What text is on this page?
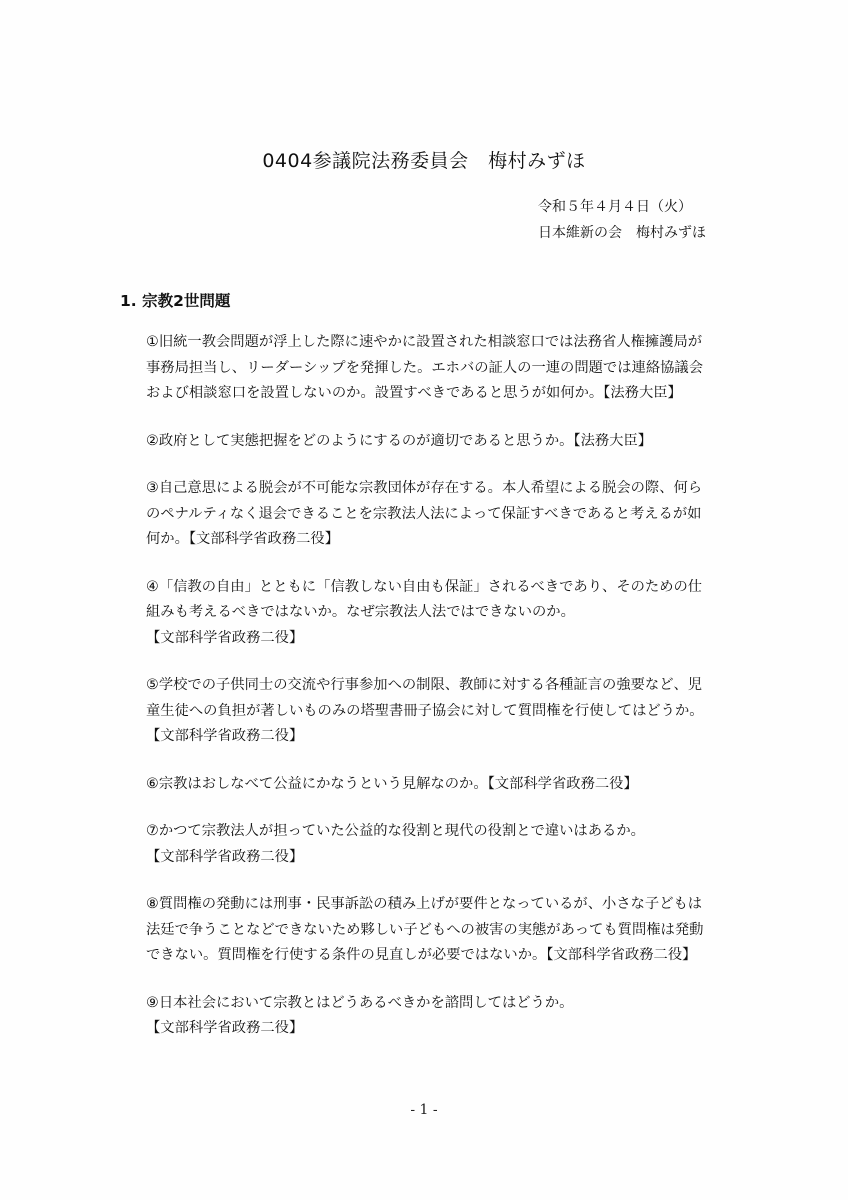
0404参議院法務委員会　梅村みずほ
令和５年４月４日（火）
日本維新の会　梅村みずほ
1. 宗教2世問題
①旧統一教会問題が浮上した際に速やかに設置された相談窓口では法務省人権擁護局が
事務局担当し、リーダーシップを発揮した。エホバの証人の一連の問題では連絡協議会
および相談窓口を設置しないのか。設置すべきであると思うが如何か。【法務大臣】
②政府として実態把握をどのようにするのが適切であると思うか。【法務大臣】
③自己意思による脱会が不可能な宗教団体が存在する。本人希望による脱会の際、何ら
のペナルティなく退会できることを宗教法人法によって保証すべきであると考えるが如
何か。【文部科学省政務二役】
④「信教の自由」とともに「信教しない自由も保証」されるべきであり、そのための仕
組みも考えるべきではないか。なぜ宗教法人法ではできないのか。
【文部科学省政務二役】
⑤学校での子供同士の交流や行事参加への制限、教師に対する各種証言の強要など、児
童生徒への負担が著しいものみの塔聖書冊子協会に対して質問権を行使してはどうか。
【文部科学省政務二役】
⑥宗教はおしなべて公益にかなうという見解なのか。【文部科学省政務二役】
⑦かつて宗教法人が担っていた公益的な役割と現代の役割とで違いはあるか。
【文部科学省政務二役】
⑧質問権の発動には刑事・民事訴訟の積み上げが要件となっているが、小さな子どもは
法廷で争うことなどできないため夥しい子どもへの被害の実態があっても質問権は発動
できない。質問権を行使する条件の見直しが必要ではないか。【文部科学省政務二役】
⑨日本社会において宗教とはどうあるべきかを諮問してはどうか。
【文部科学省政務二役】
- 1 -
